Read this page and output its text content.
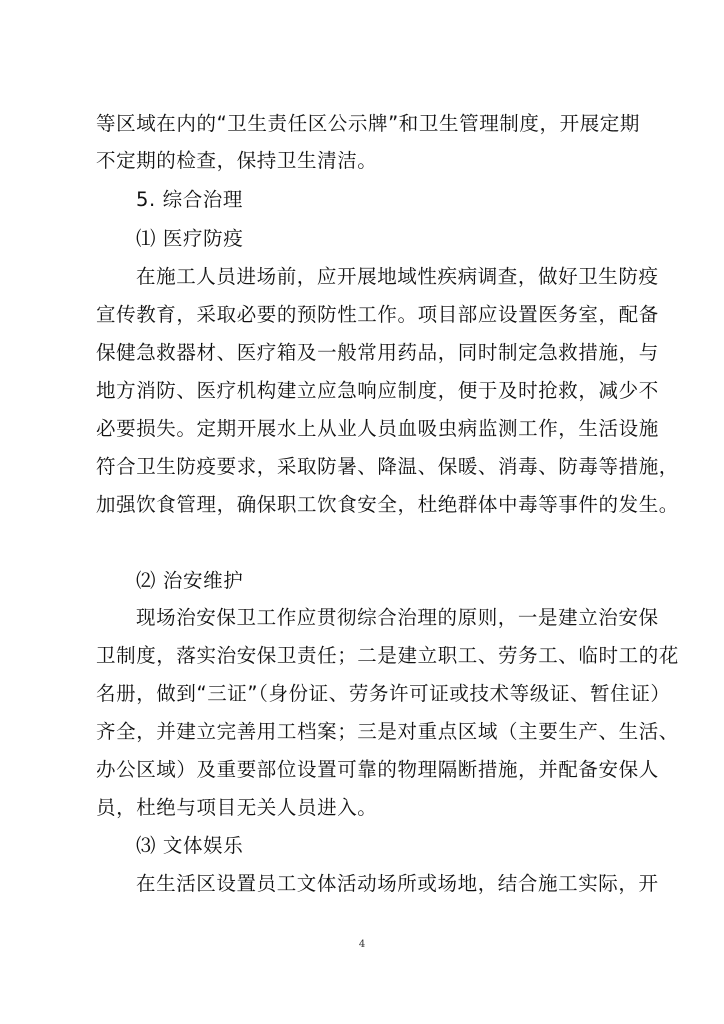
等区域在内的“卫生责任区公示牌”和卫生管理制度，开展定期
不定期的检查，保持卫生清洁。
5. 综合治理
⑴ 医疗防疫
在施工人员进场前，应开展地域性疾病调查，做好卫生防疫
宣传教育，采取必要的预防性工作。项目部应设置医务室，配备
保健急救器材、医疗箱及一般常用药品，同时制定急救措施，与
地方消防、医疗机构建立应急响应制度，便于及时抢救，减少不
必要损失。定期开展水上从业人员血吸虫病监测工作，生活设施
符合卫生防疫要求，采取防暑、降温、保暖、消毒、防毒等措施，
加强饮食管理，确保职工饮食安全，杜绝群体中毒等事件的发生。
⑵ 治安维护
现场治安保卫工作应贯彻综合治理的原则，一是建立治安保
卫制度，落实治安保卫责任；二是建立职工、劳务工、临时工的花
名册，做到“三证”（身份证、劳务许可证或技术等级证、暂住证）
齐全，并建立完善用工档案；三是对重点区域（主要生产、生活、
办公区域）及重要部位设置可靠的物理隔断措施，并配备安保人
员，杜绝与项目无关人员进入。
⑶ 文体娱乐
在生活区设置员工文体活动场所或场地，结合施工实际，开
4
